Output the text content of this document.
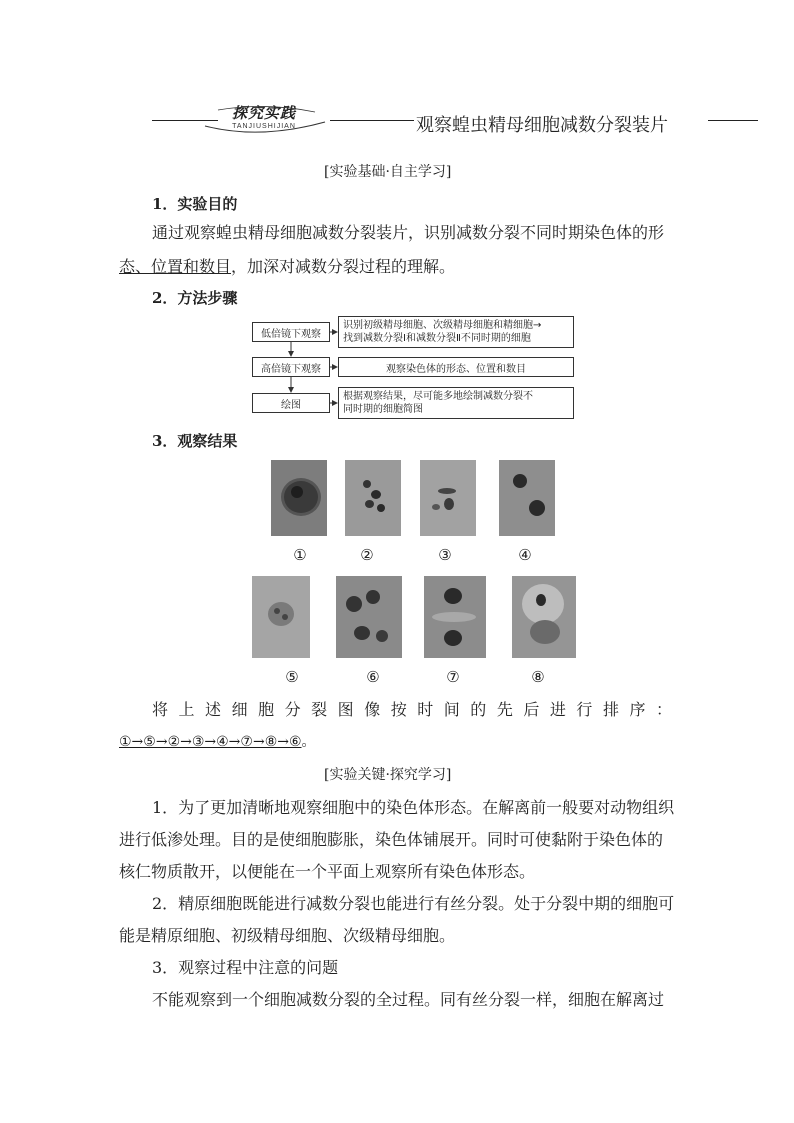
探究实践
TANJIUSHIJIAN	观察蝗虫精母细胞减数分裂装片
[实验基础·自主学习]
1．实验目的
通过观察蝗虫精母细胞减数分裂装片，识别减数分裂不同时期染色体的形
态、位置和数目，加深对减数分裂过程的理解。
2．方法步骤
低倍镜下观察
识别初级精母细胞、次级精母细胞和精细胞→
找到减数分裂Ⅰ和减数分裂Ⅱ不同时期的细胞
高倍镜下观察	观察染色体的形态、位置和数目
绘图
根据观察结果，尽可能多地绘制减数分裂不
同时期的细胞简图
3．观察结果
①	②	③	④
⑤	⑥	⑦	⑧
将 上 述 细 胞 分 裂 图 像 按 时 间 的 先 后 进 行 排 序 ：
①→⑤→②→③→④→⑦→⑧→⑥。
[实验关键·探究学习]
1．为了更加清晰地观察细胞中的染色体形态。在解离前一般要对动物组织
进行低渗处理。目的是使细胞膨胀，染色体铺展开。同时可使黏附于染色体的
核仁物质散开，以便能在一个平面上观察所有染色体形态。
2．精原细胞既能进行减数分裂也能进行有丝分裂。处于分裂中期的细胞可
能是精原细胞、初级精母细胞、次级精母细胞。
3．观察过程中注意的问题
不能观察到一个细胞减数分裂的全过程。同有丝分裂一样，细胞在解离过
